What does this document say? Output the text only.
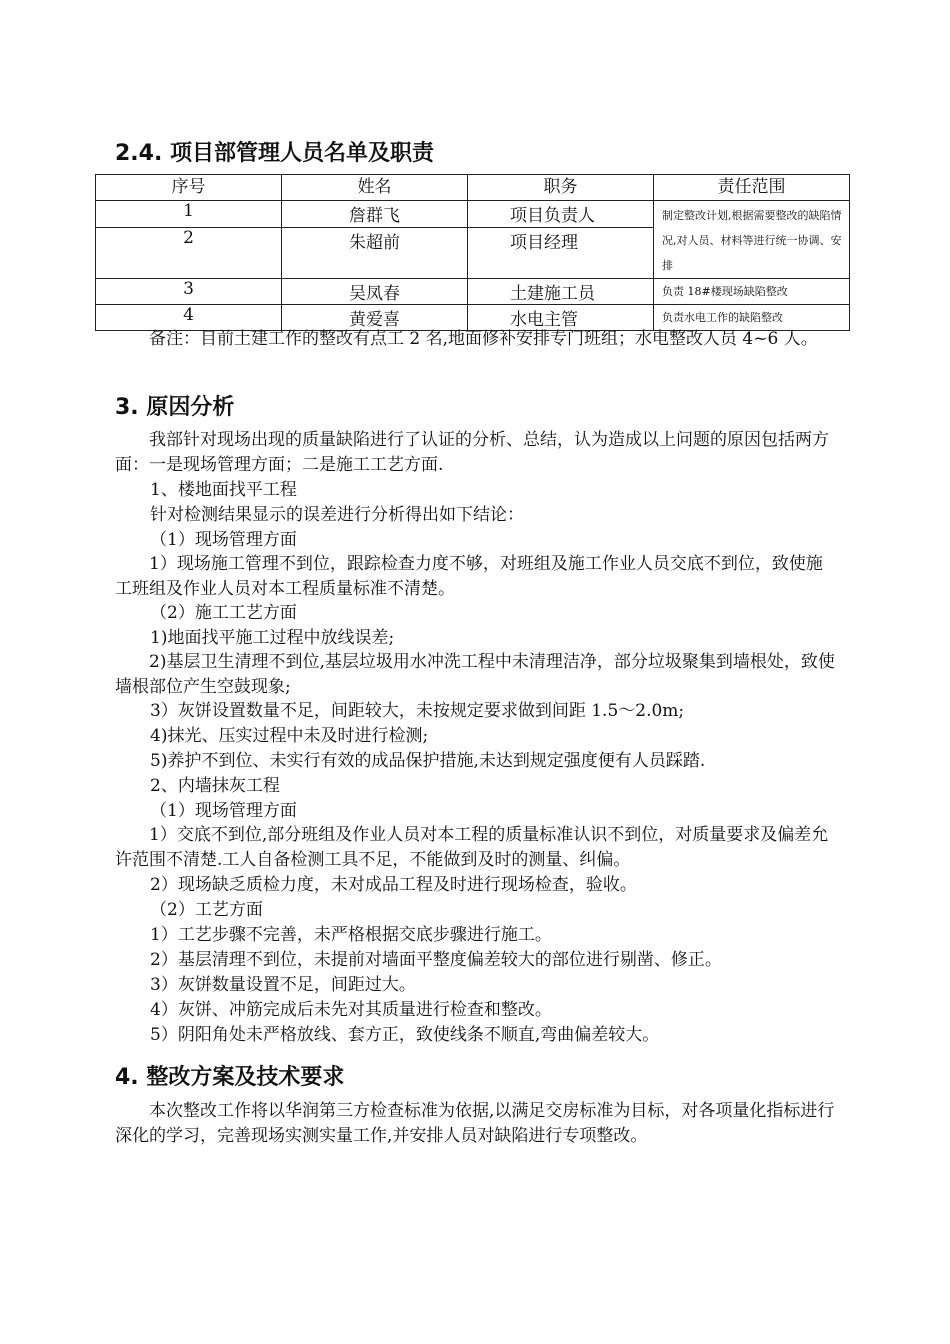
2.4. 项目部管理人员名单及职责
序号	姓名	职务	责任范围
1	詹群飞	项目负责人	制定整改计划,根据需要整改的缺陷情况,对人员、材料等进行统一协调、安排
2	朱超前	项目经理	
3	吴凤春	土建施工员	负责 18#楼现场缺陷整改
4	黄爱喜	水电主管	负责水电工作的缺陷整改
备注：目前土建工作的整改有点工 2 名,地面修补安排专门班组；水电整改人员 4~6 人。
3. 原因分析
我部针对现场出现的质量缺陷进行了认证的分析、总结，认为造成以上问题的原因包括两方面：一是现场管理方面；二是施工工艺方面.
1、楼地面找平工程
针对检测结果显示的误差进行分析得出如下结论：
（1）现场管理方面
1）现场施工管理不到位，跟踪检查力度不够，对班组及施工作业人员交底不到位，致使施工班组及作业人员对本工程质量标准不清楚。
（2）施工工艺方面
1)地面找平施工过程中放线误差;
2)基层卫生清理不到位,基层垃圾用水冲洗工程中未清理洁净，部分垃圾聚集到墙根处，致使墙根部位产生空鼓现象;
3）灰饼设置数量不足，间距较大，未按规定要求做到间距 1.5～2.0m;
4)抹光、压实过程中未及时进行检测;
5)养护不到位、未实行有效的成品保护措施,未达到规定强度便有人员踩踏.
2、内墙抹灰工程
（1）现场管理方面
1）交底不到位,部分班组及作业人员对本工程的质量标准认识不到位，对质量要求及偏差允许范围不清楚.工人自备检测工具不足，不能做到及时的测量、纠偏。
2）现场缺乏质检力度，未对成品工程及时进行现场检查，验收。
（2）工艺方面
1）工艺步骤不完善，未严格根据交底步骤进行施工。
2）基层清理不到位，未提前对墙面平整度偏差较大的部位进行剔凿、修正。
3）灰饼数量设置不足，间距过大。
4）灰饼、冲筋完成后未先对其质量进行检查和整改。
5）阴阳角处未严格放线、套方正，致使线条不顺直,弯曲偏差较大。
4. 整改方案及技术要求
本次整改工作将以华润第三方检查标准为依据,以满足交房标准为目标，对各项量化指标进行深化的学习，完善现场实测实量工作,并安排人员对缺陷进行专项整改。
